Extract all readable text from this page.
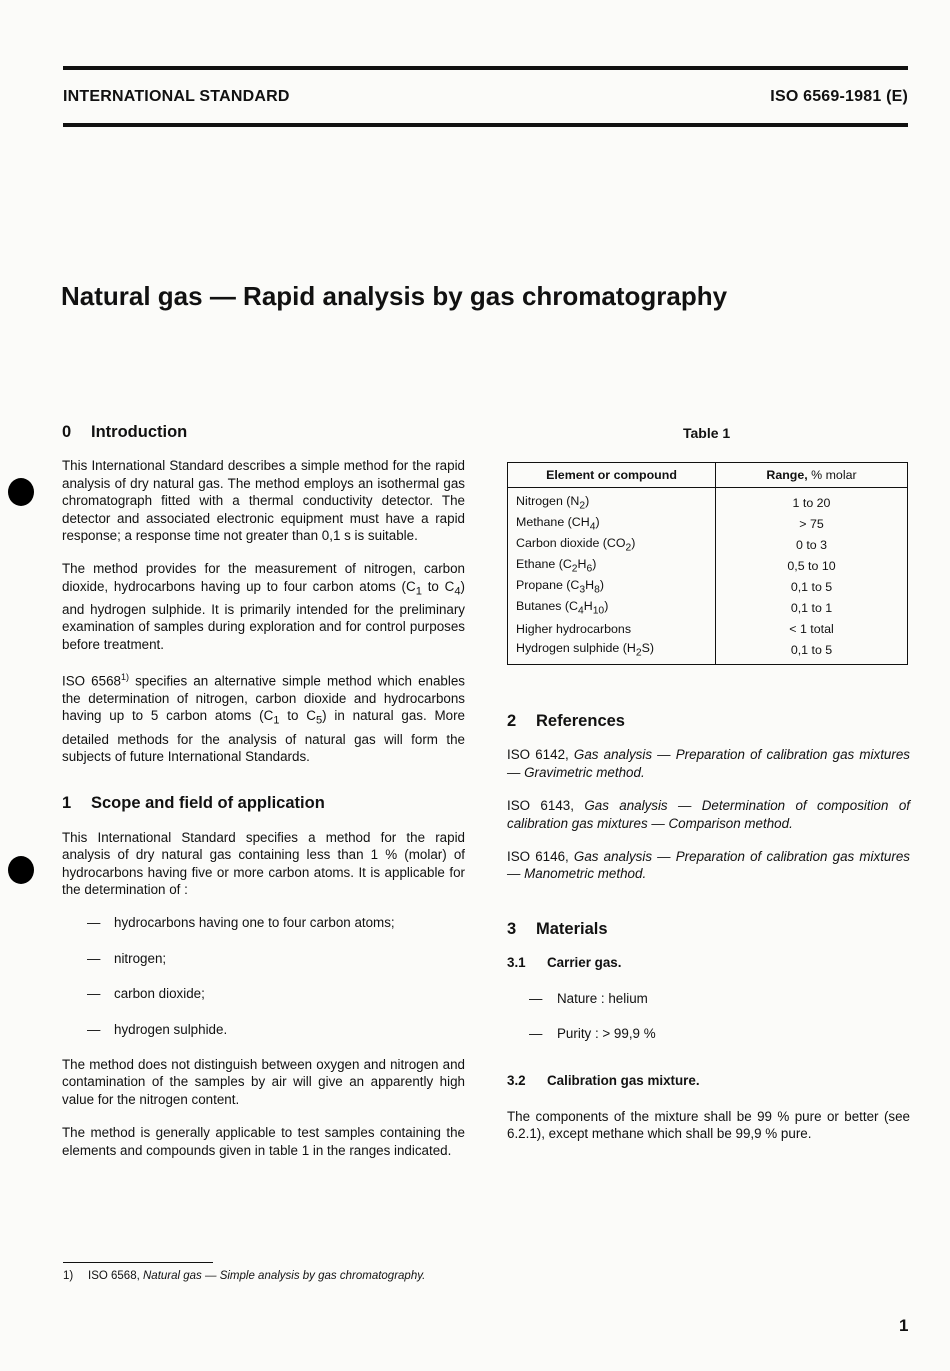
INTERNATIONAL STANDARD	ISO 6569-1981 (E)
Natural gas — Rapid analysis by gas chromatography
0 Introduction

This International Standard describes a simple method for the rapid analysis of dry natural gas. The method employs an isothermal gas chromatograph fitted with a thermal conductivity detector. The detector and associated electronic equipment must have a rapid response; a response time not greater than 0,1 s is suitable.

The method provides for the measurement of nitrogen, carbon dioxide, hydrocarbons having up to four carbon atoms ($C_1$ to $C_4$) and hydrogen sulphide. It is primarily intended for the preliminary examination of samples during exploration and for control purposes before treatment.

ISO 6568$^{1)}$ specifies an alternative simple method which enables the determination of nitrogen, carbon dioxide and hydrocarbons having up to 5 carbon atoms ($C_1$ to $C_5$) in natural gas. More detailed methods for the analysis of natural gas will form the subjects of future International Standards.

1 Scope and field of application

This International Standard specifies a method for the rapid analysis of dry natural gas containing less than 1 % (molar) of hydrocarbons having five or more carbon atoms. It is applicable for the determination of :

— hydrocarbons having one to four carbon atoms;
— nitrogen;
— carbon dioxide;
— hydrogen sulphide.

The method does not distinguish between oxygen and nitrogen and contamination of the samples by air will give an apparently high value for the nitrogen content.

The method is generally applicable to test samples containing the elements and compounds given in table 1 in the ranges indicated.

Table 1
Element or compound	Range, % molar
Nitrogen $(N_2)$	1 to 20
Methane $(CH_4)$	> 75
Carbon dioxide $(CO_2)$	0 to 3
Ethane $(C_2H_6)$	0,5 to 10
Propane $(C_3H_8)$	0,1 to 5
Butanes $(C_4H_{10})$	0,1 to 1
Higher hydrocarbons	< 1 total
Hydrogen sulphide $(H_2S)$	0,1 to 5
2 References

ISO 6142, Gas analysis — Preparation of calibration gas mixtures — Gravimetric method.

ISO 6143, Gas analysis — Determination of composition of calibration gas mixtures — Comparison method.

ISO 6146, Gas analysis — Preparation of calibration gas mixtures — Manometric method.

3 Materials
3.1 Carrier gas.
— Nature : helium
— Purity : > 99,9 %
3.2 Calibration gas mixture.

The components of the mixture shall be 99 % pure or better (see 6.2.1), except methane which shall be 99,9 % pure.

1) ISO 6568, Natural gas — Simple analysis by gas chromatography.
1
